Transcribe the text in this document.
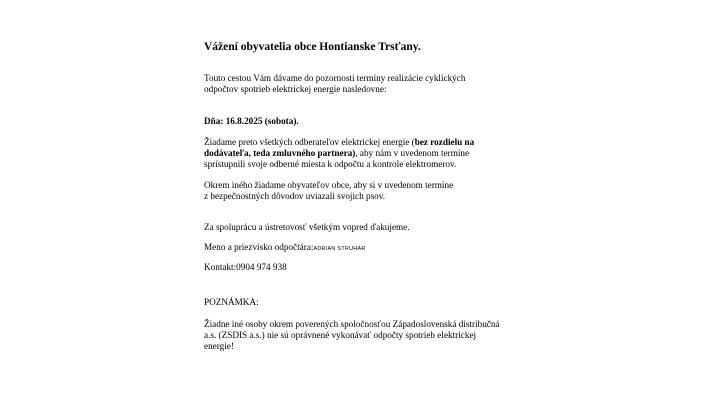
Vážení obyvatelia obce Hontianske Trsťany.
Touto cestou Vám dávame do pozornosti termíny realizácie cyklických
odpočtov spotrieb elektrickej energie nasledovne:
Dňa: 16.8.2025 (sobota).
Žiadame preto všetkých odberateľov elektrickej energie (bez rozdielu na
dodávateľa, teda zmluvného partnera), aby nám v uvedenom termíne
sprístupnili svoje odberné miesta k odpočtu a kontrole elektromerov.
Okrem iného žiadame obyvateľov obce, aby si v uvedenom termíne
z bezpečnostných dôvodov uviazali svojich psov.
Za spoluprácu a ústretovosť všetkým vopred ďakujeme.
Meno a priezvisko odpočtára:ADRIAN STRUHAR
Kontakt:0904 974 938
POZNÁMKA:
Žiadne iné osoby okrem poverených spoločnosťou Západoslovenská distribučná
a.s. (ZSDIS a.s.) nie sú oprávnené vykonávať odpočty spotrieb elektrickej
energie!
